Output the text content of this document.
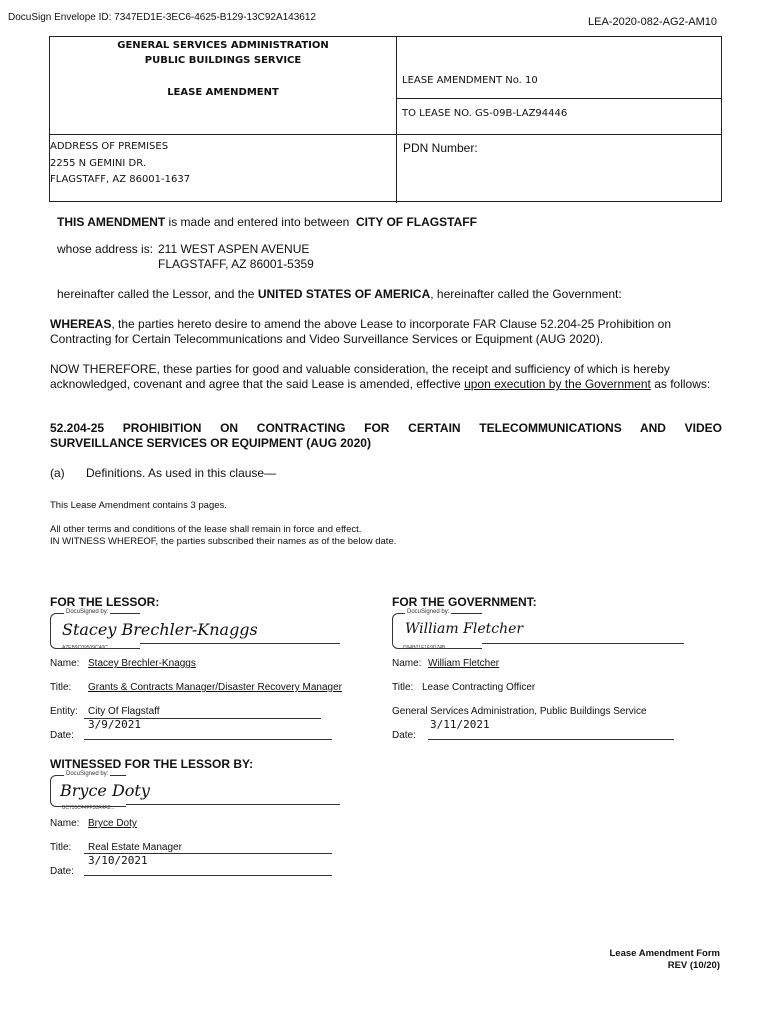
DocuSign Envelope ID: 7347ED1E-3EC6-4625-B129-13C92A143612	LEA-2020-082-AG2-AM10
GENERAL SERVICES ADMINISTRATION
PUBLIC BUILDINGS SERVICE
LEASE AMENDMENT
LEASE AMENDMENT No. 10
TO LEASE NO. GS-09B-LAZ94446
ADDRESS OF PREMISES
2255 N GEMINI DR.
FLAGSTAFF, AZ 86001-1637
PDN Number:
THIS AMENDMENT is made and entered into between  CITY OF FLAGSTAFF
whose address is: 211 WEST ASPEN AVENUE
FLAGSTAFF, AZ 86001-5359
hereinafter called the Lessor, and the UNITED STATES OF AMERICA, hereinafter called the Government:
WHEREAS, the parties hereto desire to amend the above Lease to incorporate FAR Clause 52.204-25 Prohibition on Contracting for Certain Telecommunications and Video Surveillance Services or Equipment (AUG 2020).
NOW THEREFORE, these parties for good and valuable consideration, the receipt and sufficiency of which is hereby acknowledged, covenant and agree that the said Lease is amended, effective upon execution by the Government as follows:
52.204-25 PROHIBITION ON CONTRACTING FOR CERTAIN TELECOMMUNICATIONS AND VIDEO
SURVEILLANCE SERVICES OR EQUIPMENT (AUG 2020)
(a) Definitions. As used in this clause—
This Lease Amendment contains 3 pages.
All other terms and conditions of the lease shall remain in force and effect.
IN WITNESS WHEREOF, the parties subscribed their names as of the below date.
FOR THE LESSOR:
DocuSigned by:
Stacey Brechler-Knaggs
A7EB9C09509C40C...
Name: Stacey Brechler-Knaggs
Title: Grants & Contracts Manager/Disaster Recovery Manager
Entity: City Of Flagstaff
3/9/2021
Date:
FOR THE GOVERNMENT:
DocuSigned by:
William Fletcher
D94B01F1F9D74B...
Name: William Fletcher
Title: Lease Contracting Officer
General Services Administration, Public Buildings Service
3/11/2021
Date:
WITNESSED FOR THE LESSOR BY:
DocuSigned by:
Bryce Doty
BC755C44FF38A4A8...
Name: Bryce Doty
Title: Real Estate Manager
3/10/2021
Date:
Lease Amendment Form
REV (10/20)
